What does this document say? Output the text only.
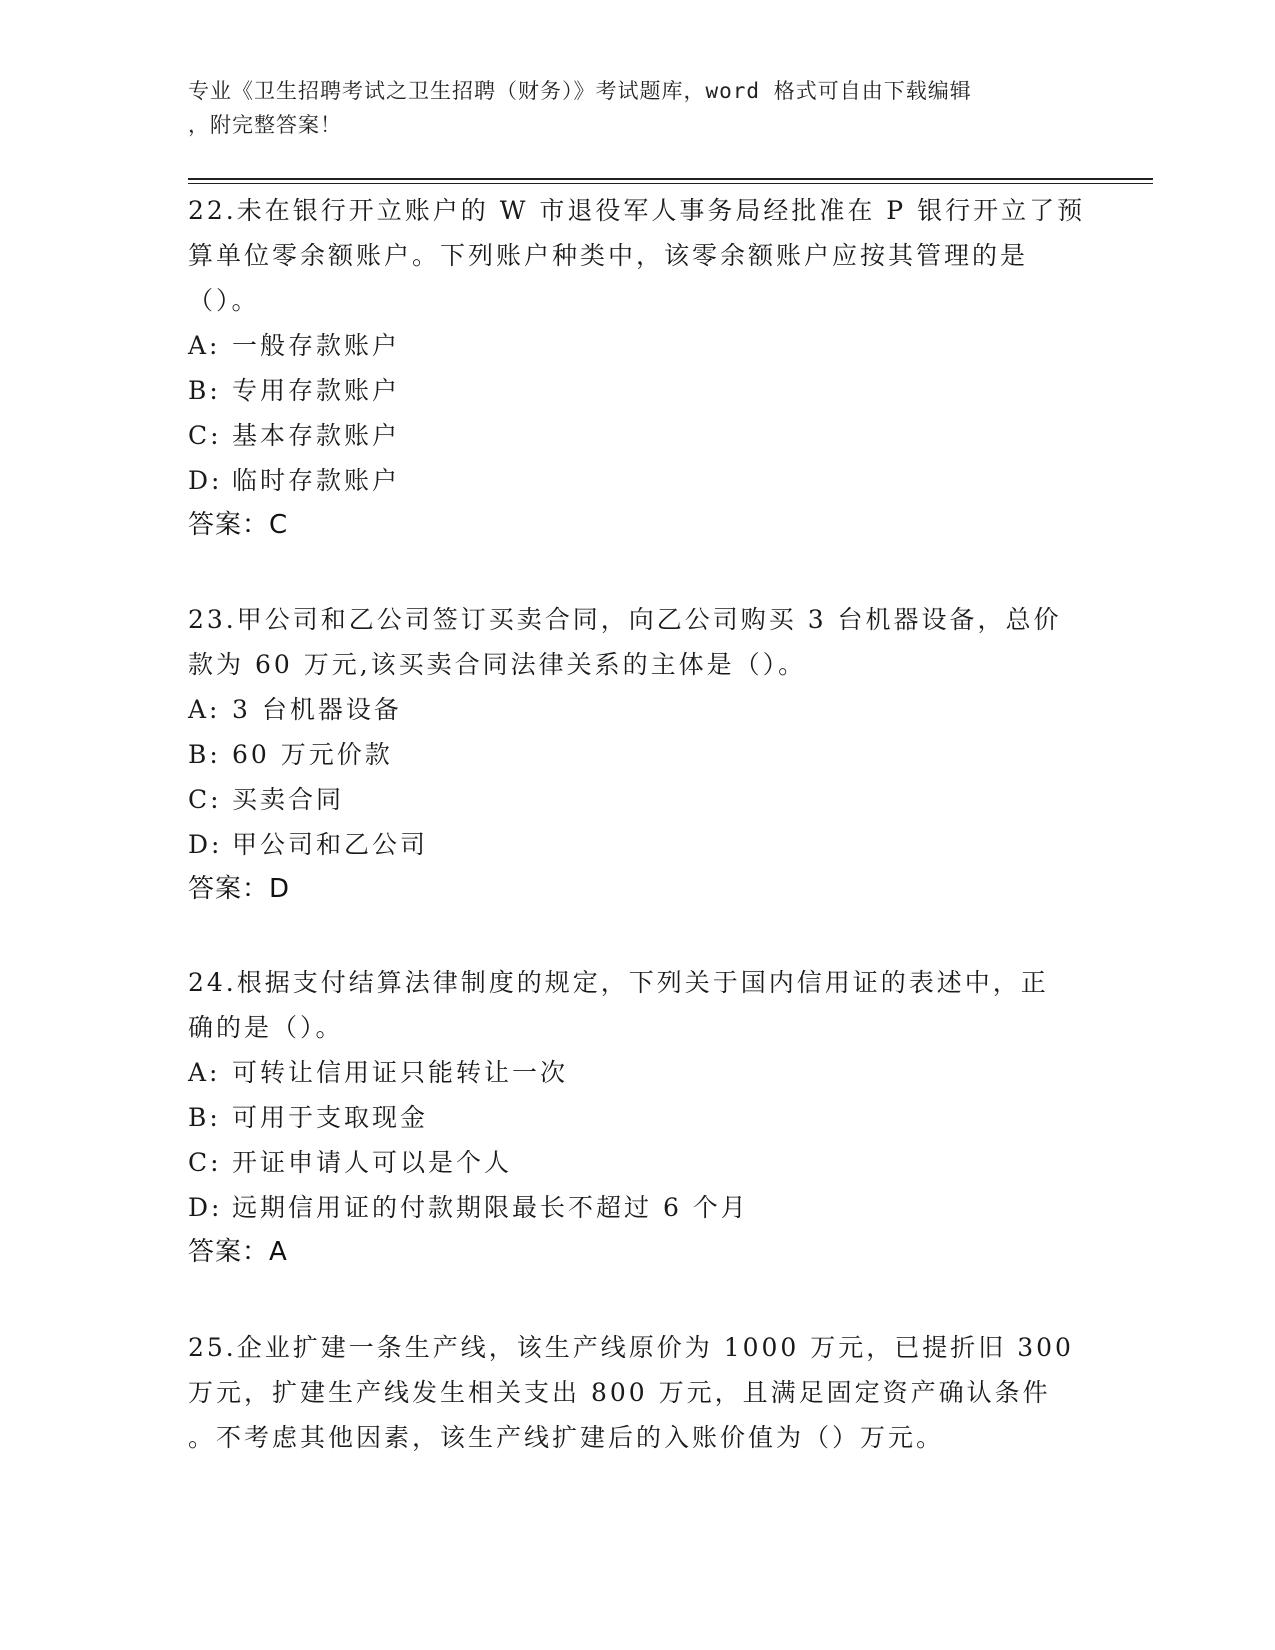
专业《卫生招聘考试之卫生招聘（财务）》考试题库，word 格式可自由下载编辑
，附完整答案！
22.未在银行开立账户的 W 市退役军人事务局经批准在 P 银行开立了预
算单位零余额账户。下列账户种类中，该零余额账户应按其管理的是
（）。
A: 一般存款账户
B: 专用存款账户
C: 基本存款账户
D: 临时存款账户
答案：C
23.甲公司和乙公司签订买卖合同，向乙公司购买 3 台机器设备，总价
款为 60 万元,该买卖合同法律关系的主体是（）。
A: 3 台机器设备
B: 60 万元价款
C: 买卖合同
D: 甲公司和乙公司
答案：D
24.根据支付结算法律制度的规定，下列关于国内信用证的表述中，正
确的是（）。
A: 可转让信用证只能转让一次
B: 可用于支取现金
C: 开证申请人可以是个人
D: 远期信用证的付款期限最长不超过 6 个月
答案：A
25.企业扩建一条生产线，该生产线原价为 1000 万元，已提折旧 300
万元，扩建生产线发生相关支出 800 万元，且满足固定资产确认条件
。不考虑其他因素，该生产线扩建后的入账价值为（）万元。
